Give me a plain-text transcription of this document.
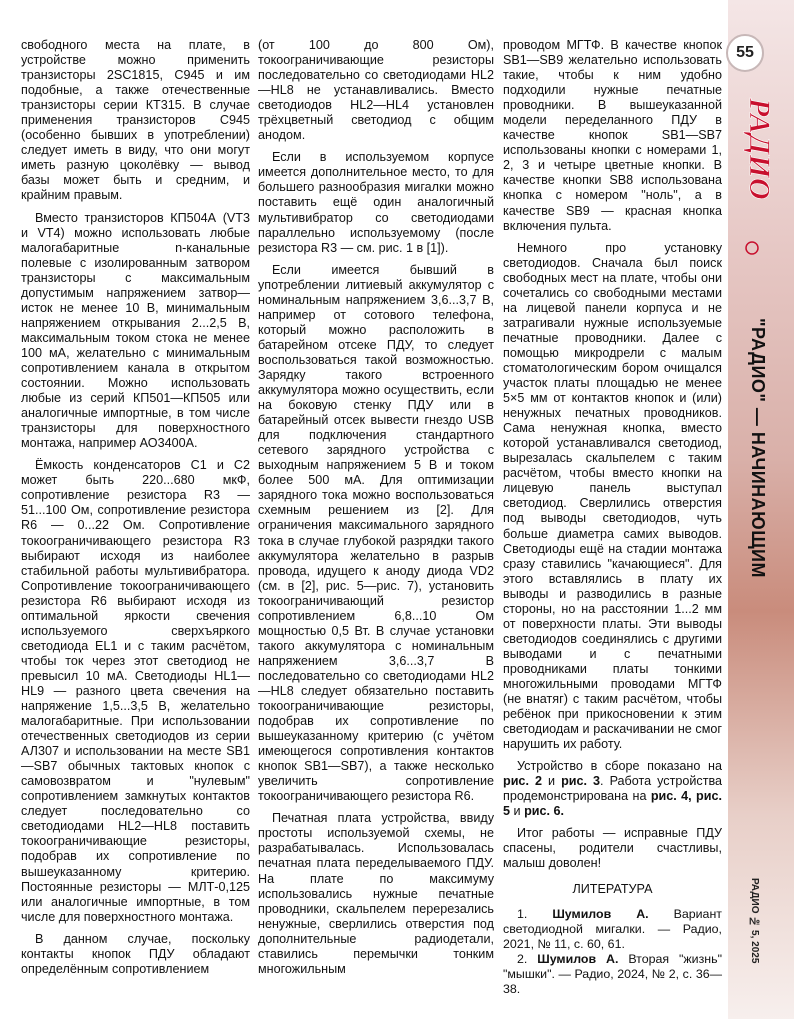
свободного места на плате, в устройстве можно применить транзисторы 2SC1815, C945 и им подобные, а также отечественные транзисторы серии КТ315. В случае применения транзисторов C945 (особенно бывших в употреблении) следует иметь в виду, что они могут иметь разную цоколёвку — вывод базы может быть и средним, и крайним правым.

Вместо транзисторов КП504А (VT3 и VT4) можно использовать любые малогабаритные n-канальные полевые с изолированным затвором транзисторы с максимальным допустимым напряжением затвор—исток не менее 10 В, минимальным напряжением открывания 2...2,5 В, максимальным током стока не менее 100 мА, желательно с минимальным сопротивлением канала в открытом состоянии. Можно использовать любые из серий КП501—КП505 или аналогичные импортные, в том числе транзисторы для поверхностного монтажа, например АО3400А.

Ёмкость конденсаторов С1 и С2 может быть 220...680 мкФ, сопротивление резистора R3 — 51...100 Ом, сопротивление резистора R6 — 0...22 Ом. Сопротивление токоограничивающего резистора R3 выбирают исходя из наиболее стабильной работы мультивибратора. Сопротивление токоограничивающего резистора R6 выбирают исходя из оптимальной яркости свечения используемого сверхъяркого светодиода EL1 и с таким расчётом, чтобы ток через этот светодиод не превысил 10 мА. Светодиоды HL1—HL9 — разного цвета свечения на напряжение 1,5...3,5 В, желательно малогабаритные. При использовании отечественных светодиодов из серии АЛ307 и использовании на месте SB1—SB7 обычных тактовых кнопок с самовозвратом и "нулевым" сопротивлением замкнутых контактов следует последовательно со светодиодами HL2—HL8 поставить токоограничивающие резисторы, подобрав их сопротивление по вышеуказанному критерию. Постоянные резисторы — МЛТ-0,125 или аналогичные импортные, в том числе для поверхностного монтажа.

В данном случае, поскольку контакты кнопок ПДУ обладают определённым сопротивлением

(от 100 до 800 Ом), токоограничивающие резисторы последовательно со светодиодами HL2—HL8 не устанавливались. Вместо светодиодов HL2—HL4 установлен трёхцветный светодиод с общим анодом.

Если в используемом корпусе имеется дополнительное место, то для большего разнообразия мигалки можно поставить ещё один аналогичный мультивибратор со светодиодами параллельно используемому (после резистора R3 — см. рис. 1 в [1]).

Если имеется бывший в употреблении литиевый аккумулятор с номинальным напряжением 3,6...3,7 В, например от сотового телефона, который можно расположить в батарейном отсеке ПДУ, то следует воспользоваться такой возможностью. Зарядку такого встроенного аккумулятора можно осуществить, если на боковую стенку ПДУ или в батарейный отсек вывести гнездо USB для подключения стандартного сетевого зарядного устройства с выходным напряжением 5 В и током более 500 мА. Для оптимизации зарядного тока можно воспользоваться схемным решением из [2]. Для ограничения максимального зарядного тока в случае глубокой разрядки такого аккумулятора желательно в разрыв провода, идущего к аноду диода VD2 (см. в [2], рис. 5—рис. 7), установить токоограничивающий резистор сопротивлением 6,8...10 Ом мощностью 0,5 Вт. В случае установки такого аккумулятора с номинальным напряжением 3,6...3,7 В последовательно со светодиодами HL2—HL8 следует обязательно поставить токоограничивающие резисторы, подобрав их сопротивление по вышеуказанному критерию (с учётом имеющегося сопротивления контактов кнопок SB1—SB7), а также несколько увеличить сопротивление токоограничивающего резистора R6.

Печатная плата устройства, ввиду простоты используемой схемы, не разрабатывалась. Использовалась печатная плата переделываемого ПДУ. На плате по максимуму использовались нужные печатные проводники, скальпелем перерезались ненужные, сверлились отверстия под дополнительные радиодетали, ставились перемычки тонким многожильным

проводом МГТФ. В качестве кнопок SB1—SB9 желательно использовать такие, чтобы к ним удобно подходили нужные печатные проводники. В вышеуказанной модели переделанного ПДУ в качестве кнопок SB1—SB7 использованы кнопки с номерами 1, 2, 3 и четыре цветные кнопки. В качестве кнопки SB8 использована кнопка с номером "ноль", а в качестве SB9 — красная кнопка включения пульта.

Немного про установку светодиодов. Сначала был поиск свободных мест на плате, чтобы они сочетались со свободными местами на лицевой панели корпуса и не затрагивали нужные используемые печатные проводники. Далее с помощью микродрели с малым стоматологическим бором очищался участок платы площадью не менее 5×5 мм от контактов кнопок и (или) ненужных печатных проводников. Сама ненужная кнопка, вместо которой устанавливался светодиод, вырезалась скальпелем с таким расчётом, чтобы вместо кнопки на лицевую панель выступал светодиод. Сверлились отверстия под выводы светодиодов, чуть больше диаметра самих выводов. Светодиоды ещё на стадии монтажа сразу ставились "качающиеся". Для этого вставлялись в плату их выводы и разводились в разные стороны, но на расстоянии 1...2 мм от поверхности платы. Эти выводы светодиодов соединялись с другими выводами и с печатными проводниками платы тонкими многожильными проводами МГТФ (не внатяг) с таким расчётом, чтобы ребёнок при прикосновении к этим светодиодам и раскачивании не смог нарушить их работу.

Устройство в сборе показано на рис. 2 и рис. 3. Работа устройства продемонстрирована на рис. 4, рис. 5 и рис. 6.

Итог работы — исправные ПДУ спасены, родители счастливы, малыш доволен!

ЛИТЕРАТУРА

1. Шумилов А. Вариант светодиодной мигалки. — Радио, 2021, № 11, с. 60, 61.

2. Шумилов А. Вторая "жизнь" "мышки". — Радио, 2024, № 2, с. 36—38.

55
РАДИО
"РАДИО" — НАЧИНАЮЩИМ
РАДИО № 5, 2025
